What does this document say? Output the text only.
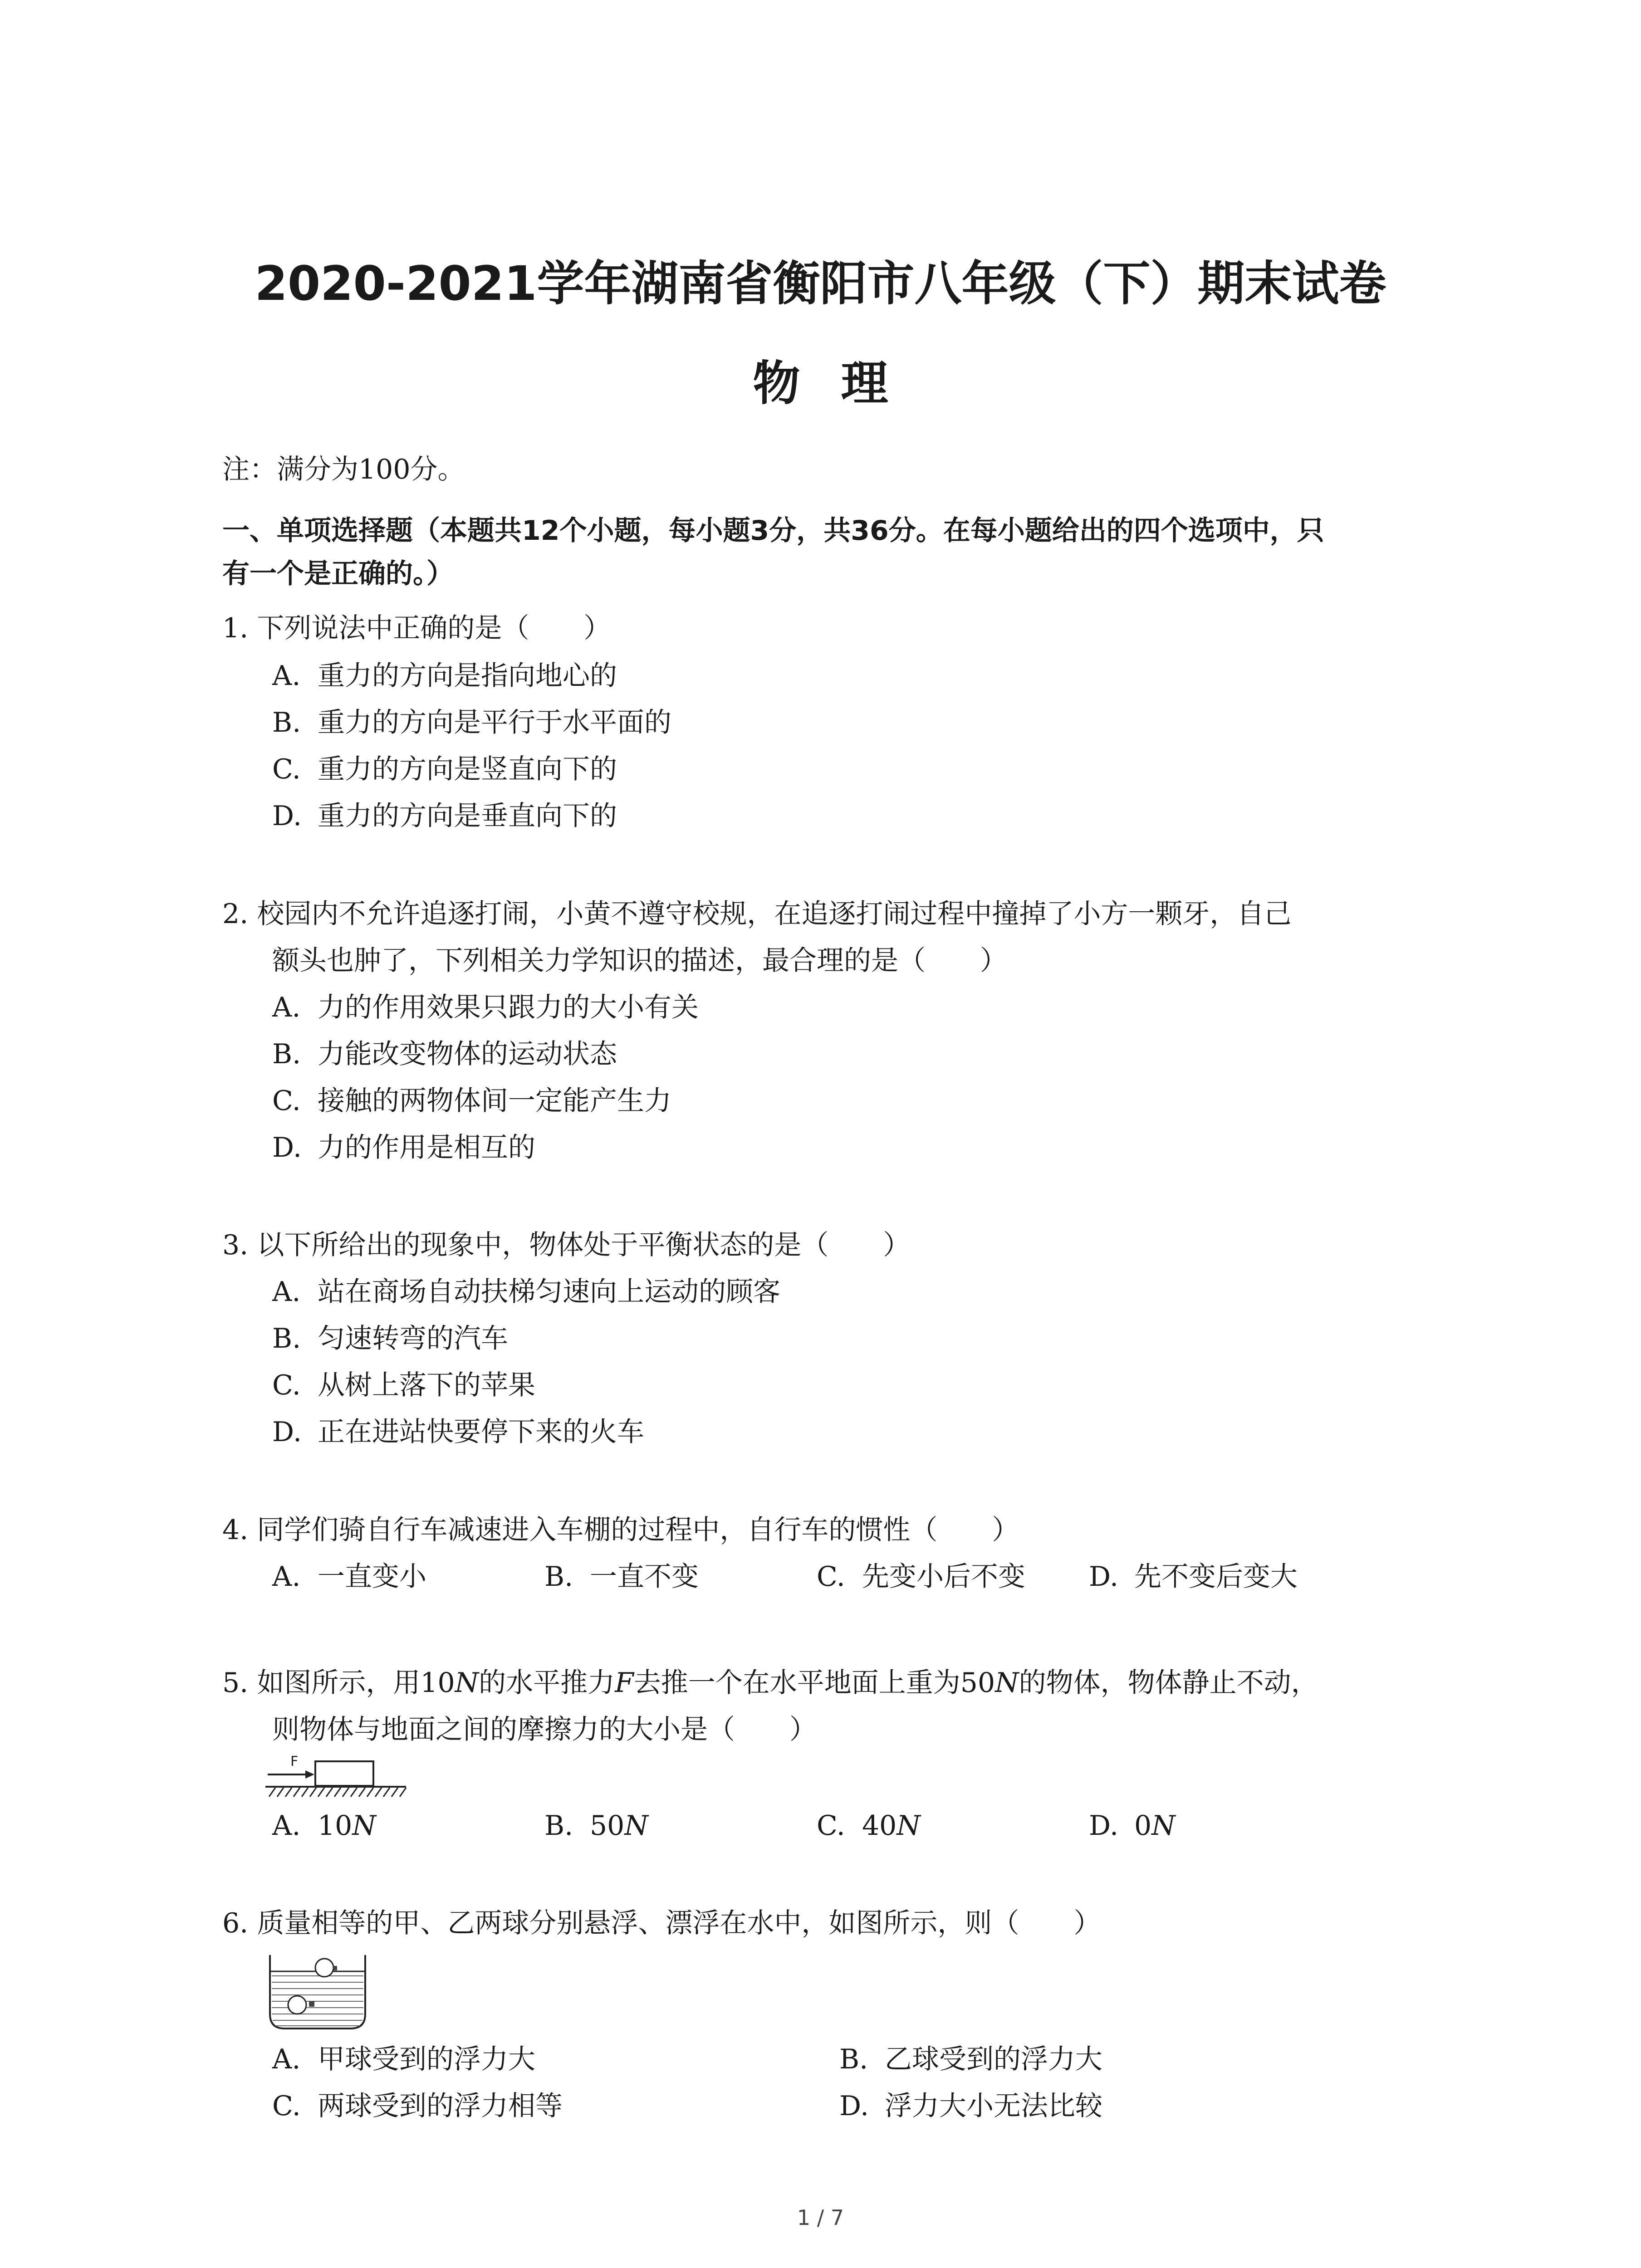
2020-2021学年湖南省衡阳市八年级（下）期末试卷
物理
注：满分为100分。
一、单项选择题（本题共12个小题，每小题3分，共36分。在每小题给出的四个选项中，只
有一个是正确的。）
1. 下列说法中正确的是（　　）
A. 重力的方向是指向地心的
B. 重力的方向是平行于水平面的
C. 重力的方向是竖直向下的
D. 重力的方向是垂直向下的
2. 校园内不允许追逐打闹，小黄不遵守校规，在追逐打闹过程中撞掉了小方一颗牙，自己
额头也肿了，下列相关力学知识的描述，最合理的是（　　）
A. 力的作用效果只跟力的大小有关
B. 力能改变物体的运动状态
C. 接触的两物体间一定能产生力
D. 力的作用是相互的
3. 以下所给出的现象中，物体处于平衡状态的是（　　）
A. 站在商场自动扶梯匀速向上运动的顾客
B. 匀速转弯的汽车
C. 从树上落下的苹果
D. 正在进站快要停下来的火车
4. 同学们骑自行车减速进入车棚的过程中，自行车的惯性（　　）
A. 一直变小	B. 一直不变	C. 先变小后不变 D. 先不变后变大
5. 如图所示，用10N的水平推力F去推一个在水平地面上重为50N的物体，物体静止不动，
则物体与地面之间的摩擦力的大小是（　　）
F
A. 10N	B. 50N	C. 40N	D. 0N
6. 质量相等的甲、乙两球分别悬浮、漂浮在水中，如图所示，则（　　）
A. 甲球受到的浮力大	B. 乙球受到的浮力大
C. 两球受到的浮力相等	D. 浮力大小无法比较
1 / 7
